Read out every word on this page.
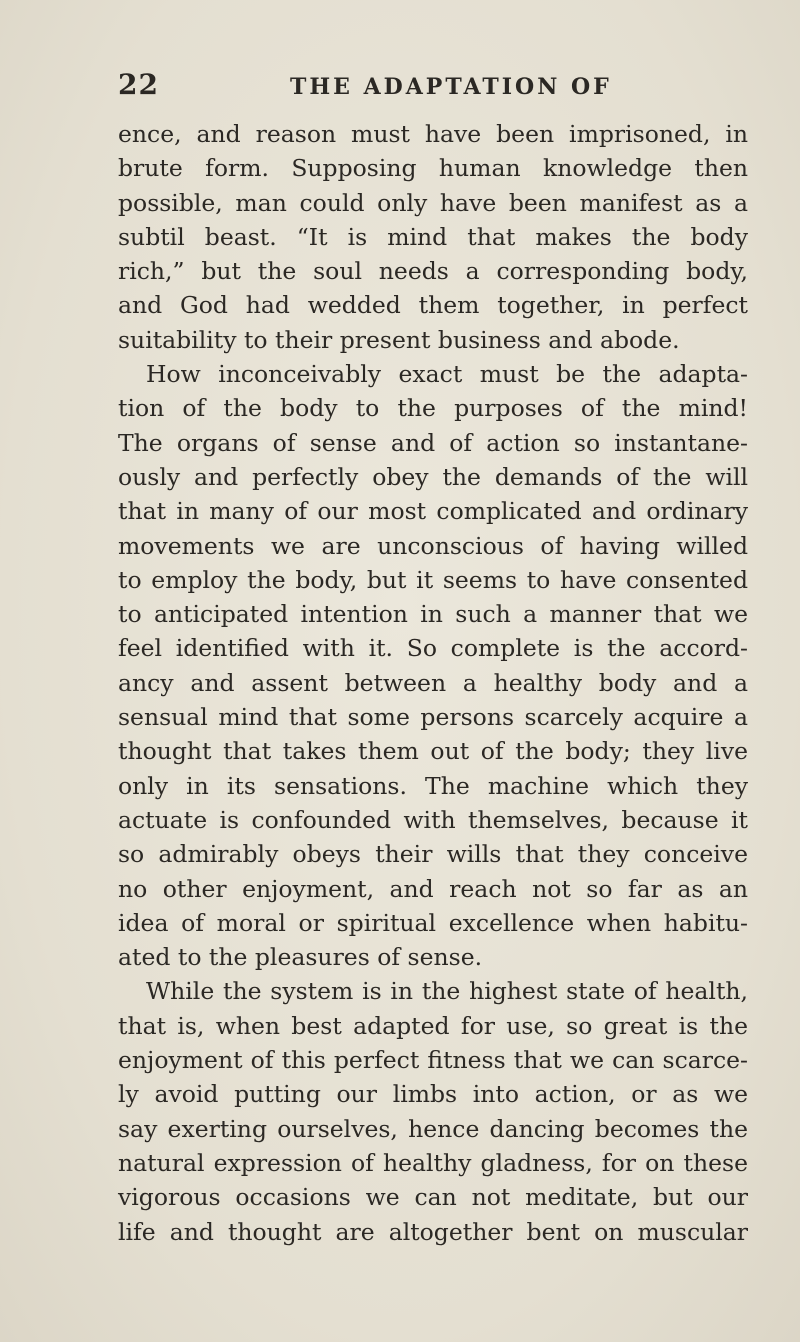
22	THE ADAPTATION OF
ence, and reason must have been imprisoned, in
brute form. Supposing human knowledge then
possible, man could only have been manifest as a
subtil beast. “It is mind that makes the body
rich,” but the soul needs a corresponding body,
and God had wedded them together, in perfect
suitability to their present business and abode.
How inconceivably exact must be the adapta-
tion of the body to the purposes of the mind!
The organs of sense and of action so instantane-
ously and perfectly obey the demands of the will
that in many of our most complicated and ordinary
movements we are unconscious of having willed
to employ the body, but it seems to have consented
to anticipated intention in such a manner that we
feel identified with it. So complete is the accord-
ancy and assent between a healthy body and a
sensual mind that some persons scarcely acquire a
thought that takes them out of the body; they live
only in its sensations. The machine which they
actuate is confounded with themselves, because it
so admirably obeys their wills that they conceive
no other enjoyment, and reach not so far as an
idea of moral or spiritual excellence when habitu-
ated to the pleasures of sense.
While the system is in the highest state of health,
that is, when best adapted for use, so great is the
enjoyment of this perfect fitness that we can scarce-
ly avoid putting our limbs into action, or as we
say exerting ourselves, hence dancing becomes the
natural expression of healthy gladness, for on these
vigorous occasions we can not meditate, but our
life and thought are altogether bent on muscular
